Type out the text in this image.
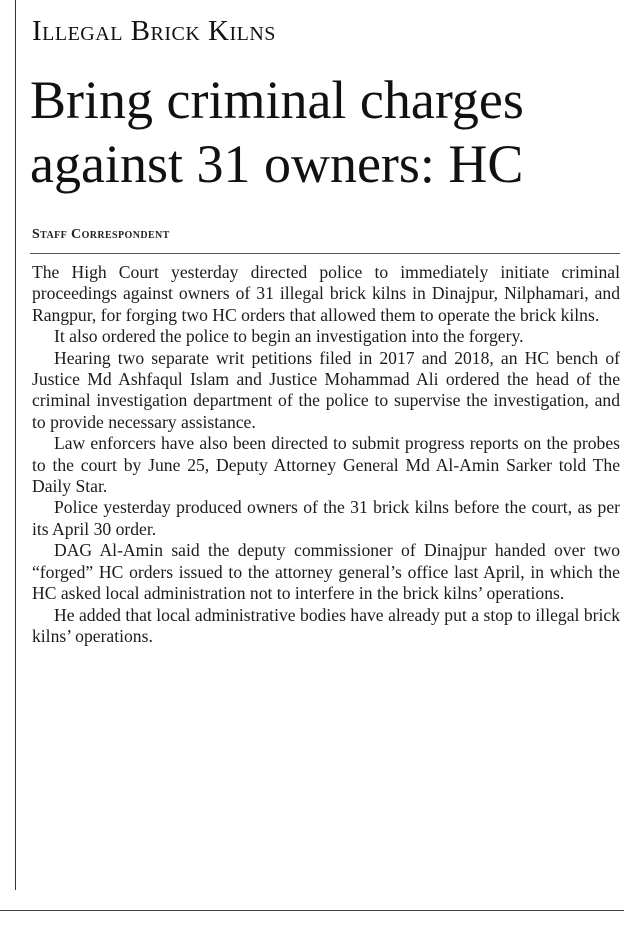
Illegal Brick Kilns
Bring criminal charges against 31 owners: HC
Staff Correspondent

The High Court yesterday directed police to immediately initiate criminal proceedings against owners of 31 illegal brick kilns in Dinajpur, Nilphamari, and Rangpur, for forging two HC orders that allowed them to operate the brick kilns.

It also ordered the police to begin an investigation into the forgery.

Hearing two separate writ petitions filed in 2017 and 2018, an HC bench of Justice Md Ashfaqul Islam and Justice Mohammad Ali ordered the head of the criminal investigation department of the police to supervise the investigation, and to provide necessary assistance.

Law enforcers have also been directed to submit progress reports on the probes to the court by June 25, Deputy Attorney General Md Al-Amin Sarker told The Daily Star.

Police yesterday produced owners of the 31 brick kilns before the court, as per its April 30 order.

DAG Al-Amin said the deputy commissioner of Dinajpur handed over two “forged” HC orders issued to the attorney general’s office last April, in which the HC asked local administration not to interfere in the brick kilns’ operations.

He added that local administrative bodies have already put a stop to illegal brick kilns’ operations.
